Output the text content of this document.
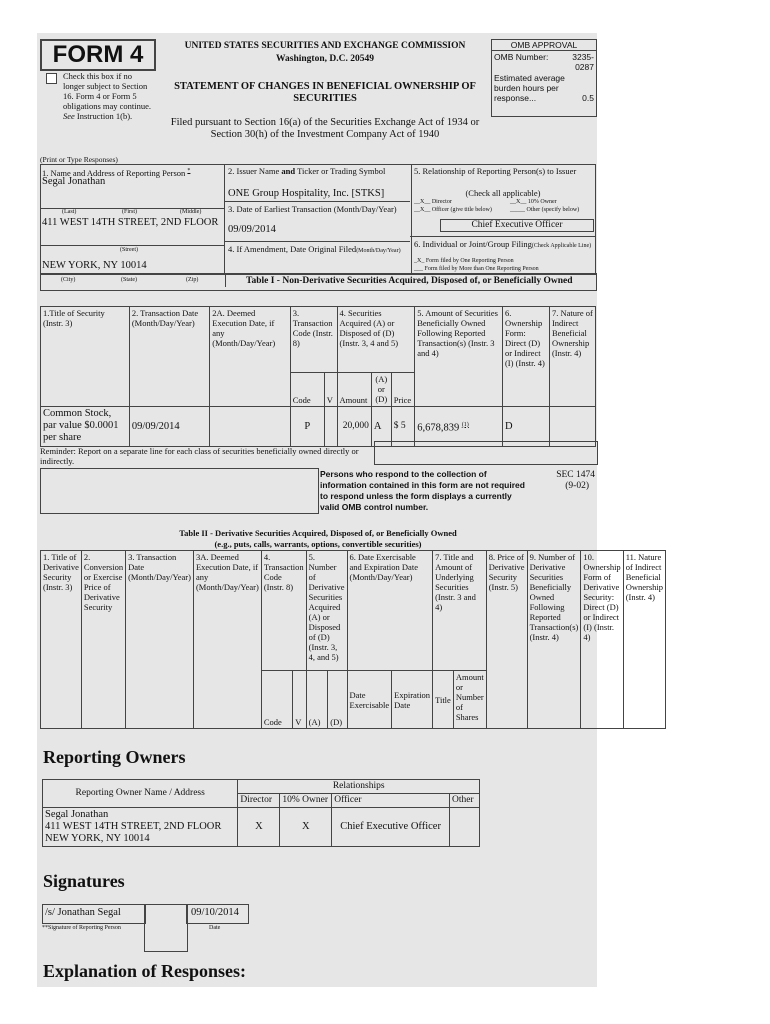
FORM 4
Check this box if no longer subject to Section 16. Form 4 or Form 5 obligations may continue. See Instruction 1(b).
UNITED STATES SECURITIES AND EXCHANGE COMMISSION
Washington, D.C. 20549
STATEMENT OF CHANGES IN BENEFICIAL OWNERSHIP OF SECURITIES
Filed pursuant to Section 16(a) of the Securities Exchange Act of 1934 or Section 30(h) of the Investment Company Act of 1940
OMB APPROVAL
OMB Number:	3235-0287
Estimated average burden hours per response...	0.5
(Print or Type Responses)
1. Name and Address of Reporting Person *
Segal Jonathan
(Last)	(First)	(Middle)
411 WEST 14TH STREET, 2ND FLOOR
(Street)
NEW YORK, NY 10014
2. Issuer Name and Ticker or Trading Symbol
ONE Group Hospitality, Inc. [STKS]
3. Date of Earliest Transaction (Month/Day/Year)
09/09/2014
4. If Amendment, Date Original Filed(Month/Day/Year)
5. Relationship of Reporting Person(s) to Issuer
(Check all applicable)
__X__ Director	__X__ 10% Owner
__X__ Officer (give title below)	_____ Other (specify below)
Chief Executive Officer
6. Individual or Joint/Group Filing(Check Applicable Line)
_X_ Form filed by One Reporting Person
___ Form filed by More than One Reporting Person
(City)	(State)	(Zip)	Table I - Non-Derivative Securities Acquired, Disposed of, or Beneficially Owned
1.Title of Security (Instr. 3)	2. Transaction Date (Month/Day/Year)	2A. Deemed Execution Date, if any (Month/Day/Year)	3. Transaction Code (Instr. 8)		4. Securities Acquired (A) or Disposed of (D) (Instr. 3, 4 and 5)			5. Amount of Securities Beneficially Owned Following Reported Transaction(s) (Instr. 3 and 4)	6. Ownership Form: Direct (D) or Indirect (I) (Instr. 4)	7. Nature of Indirect Beneficial Ownership (Instr. 4)
			Code	V	Amount	(A) or (D)	Price			
Common Stock, par value $0.0001 per share	09/09/2014		P		20,000	A	$ 5	6,678,839 $^{(1)}$	D	
Reminder: Report on a separate line for each class of securities beneficially owned directly or indirectly.
Persons who respond to the collection of information contained in this form are not required to respond unless the form displays a currently valid OMB control number.
SEC 1474
(9-02)
Table II - Derivative Securities Acquired, Disposed of, or Beneficially Owned
(e.g., puts, calls, warrants, options, convertible securities)
1. Title of Derivative Security (Instr. 3)	2. Conversion or Exercise Price of Derivative Security	3. Transaction Date (Month/Day/Year)	3A. Deemed Execution Date, if any (Month/Day/Year)	4. Transaction Code (Instr. 8)		5. Number of Derivative Securities Acquired (A) or Disposed of (D) (Instr. 3, 4, and 5)		6. Date Exercisable and Expiration Date (Month/Day/Year)		7. Title and Amount of Underlying Securities (Instr. 3 and 4)		8. Price of Derivative Security (Instr. 5)	9. Number of Derivative Securities Beneficially Owned Following Reported Transaction(s) (Instr. 4)	10. Ownership Form of Derivative Security: Direct (D) or Indirect (I) (Instr. 4)	11. Nature of Indirect Beneficial Ownership (Instr. 4)
				Code	V	(A)	(D)	Date Exercisable	Expiration Date	Title	Amount or Number of Shares				
Reporting Owners
Reporting Owner Name / Address	Relationships			
	Director	10% Owner	Officer	Other

Segal Jonathan
411 WEST 14TH STREET, 2ND FLOOR
NEW YORK, NY 10014	X	X	Chief Executive Officer	
Signatures
/s/ Jonathan Segal	09/10/2014
**Signature of Reporting Person	Date
Explanation of Responses:
